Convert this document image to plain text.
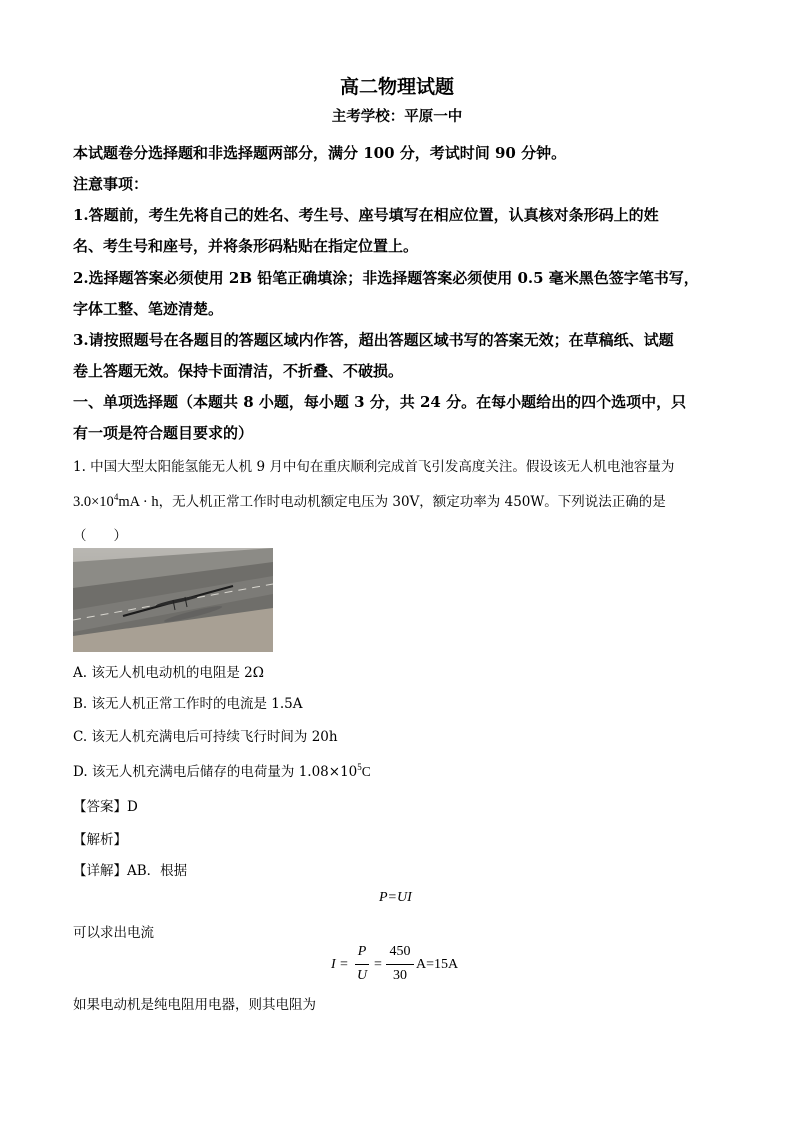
高二物理试题
主考学校：平原一中
本试题卷分选择题和非选择题两部分，满分 100 分，考试时间 90 分钟。
注意事项：
1.答题前，考生先将自己的姓名、考生号、座号填写在相应位置，认真核对条形码上的姓
名、考生号和座号，并将条形码粘贴在指定位置上。
2.选择题答案必须使用 2B 铅笔正确填涂；非选择题答案必须使用 0.5 毫米黑色签字笔书写，
字体工整、笔迹清楚。
3.请按照题号在各题目的答题区域内作答，超出答题区域书写的答案无效；在草稿纸、试题
卷上答题无效。保持卡面清洁，不折叠、不破损。
一、单项选择题（本题共 8 小题，每小题 3 分，共 24 分。在每小题给出的四个选项中，只
有一项是符合题目要求的）
1. 中国大型太阳能氢能无人机 9 月中旬在重庆顺利完成首飞引发高度关注。假设该无人机电池容量为
$3.0\times 10^4mA \cdot h$，无人机正常工作时电动机额定电压为 30V，额定功率为 450W。下列说法正确的是
（　　）
A. 该无人机电动机的电阻是 2Ω
B. 该无人机正常工作时的电流是 1.5A
C. 该无人机充满电后可持续飞行时间为 20h
D. 该无人机充满电后储存的电荷量为 $1.08\times 10^5C$
【答案】D
【解析】
【详解】AB．根据
P=UI
可以求出电流
I =
P
U
=
450
30
A=15A
如果电动机是纯电阻用电器，则其电阻为
